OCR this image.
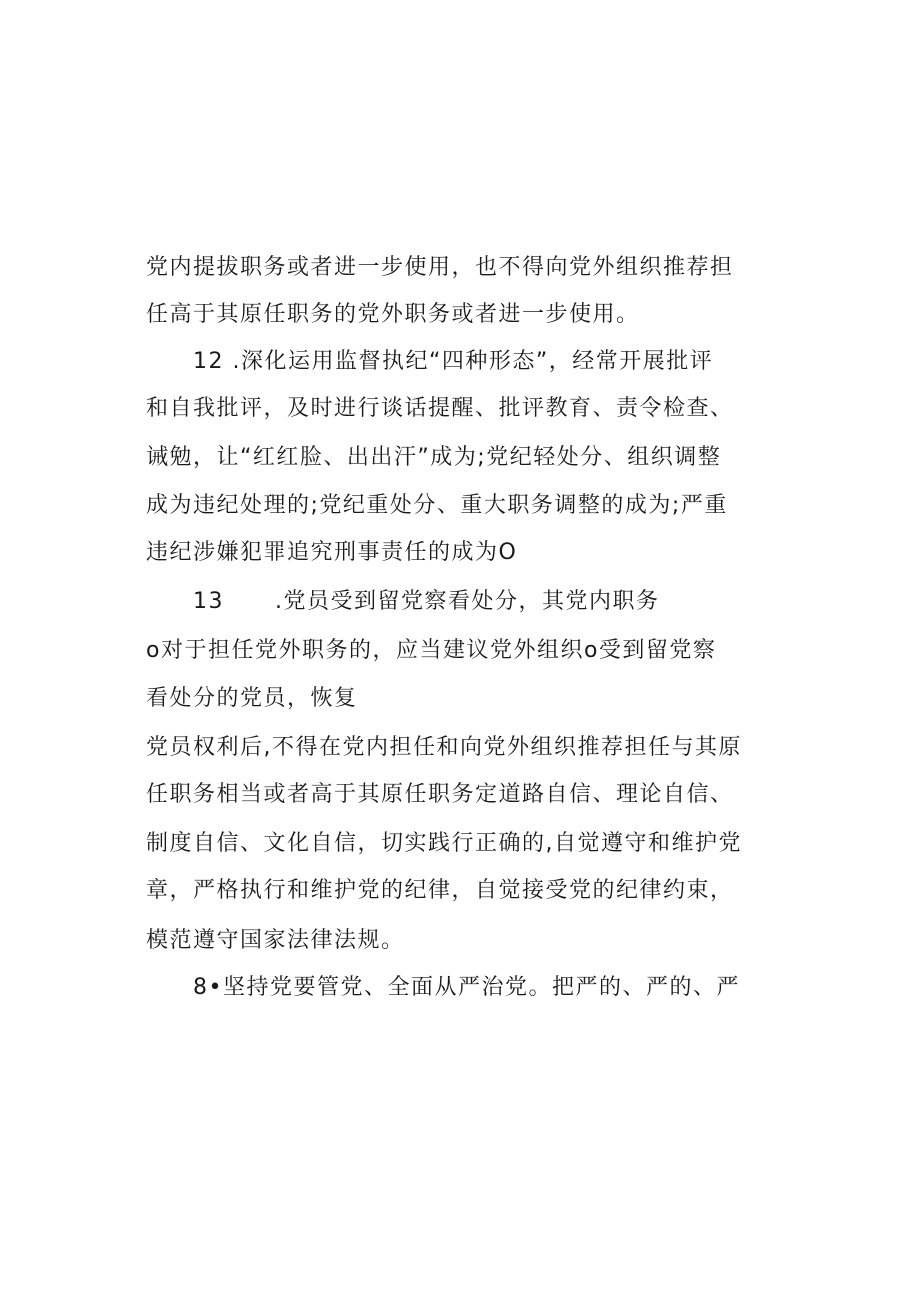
党内提拔职务或者进一步使用，也不得向党外组织推荐担
任高于其原任职务的党外职务或者进一步使用。
12 .深化运用监督执纪“四种形态”，经常开展批评
和自我批评，及时进行谈话提醒、批评教育、责令检查、
诫勉，让“红红脸、出出汗”成为;党纪轻处分、组织调整
成为违纪处理的;党纪重处分、重大职务调整的成为;严重
违纪涉嫌犯罪追究刑事责任的成为O
13      .党员受到留党察看处分，其党内职务
o对于担任党外职务的，应当建议党外组织o受到留党察
看处分的党员，恢复
党员权利后,不得在党内担任和向党外组织推荐担任与其原
任职务相当或者高于其原任职务定道路自信、理论自信、
制度自信、文化自信，切实践行正确的,自觉遵守和维护党
章，严格执行和维护党的纪律，自觉接受党的纪律约束，
模范遵守国家法律法规。
8•坚持党要管党、全面从严治党。把严的、严的、严
